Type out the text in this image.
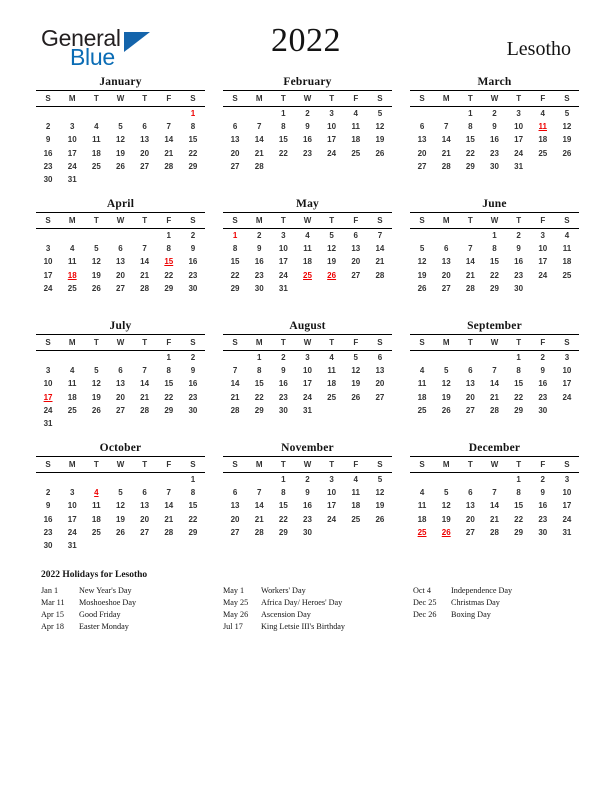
General
Blue	2022	Lesotho
January
S	M	T	W	T	F	S
						1
2	3	4	5	6	7	8
9	10	11	12	13	14	15
16	17	18	19	20	21	22
23	24	25	26	27	28	29
30	31					
February
S	M	T	W	T	F	S
		1	2	3	4	5
6	7	8	9	10	11	12
13	14	15	16	17	18	19
20	21	22	23	24	25	26
27	28					
March
S	M	T	W	T	F	S
		1	2	3	4	5
6	7	8	9	10	11	12
13	14	15	16	17	18	19
20	21	22	23	24	25	26
27	28	29	30	31		
April
S	M	T	W	T	F	S
					1	2
3	4	5	6	7	8	9
10	11	12	13	14	15	16
17	18	19	20	21	22	23
24	25	26	27	28	29	30
May
S	M	T	W	T	F	S
1	2	3	4	5	6	7
8	9	10	11	12	13	14
15	16	17	18	19	20	21
22	23	24	25	26	27	28
29	30	31				
June
S	M	T	W	T	F	S
			1	2	3	4
5	6	7	8	9	10	11
12	13	14	15	16	17	18
19	20	21	22	23	24	25
26	27	28	29	30		
July
S	M	T	W	T	F	S
					1	2
3	4	5	6	7	8	9
10	11	12	13	14	15	16
17	18	19	20	21	22	23
24	25	26	27	28	29	30
31						
August
S	M	T	W	T	F	S
	1	2	3	4	5	6
7	8	9	10	11	12	13
14	15	16	17	18	19	20
21	22	23	24	25	26	27
28	29	30	31			
September
S	M	T	W	T	F	S
				1	2	3
4	5	6	7	8	9	10
11	12	13	14	15	16	17
18	19	20	21	22	23	24
25	26	27	28	29	30	
October
S	M	T	W	T	F	S
						1
2	3	4	5	6	7	8
9	10	11	12	13	14	15
16	17	18	19	20	21	22
23	24	25	26	27	28	29
30	31					
November
S	M	T	W	T	F	S
		1	2	3	4	5
6	7	8	9	10	11	12
13	14	15	16	17	18	19
20	21	22	23	24	25	26
27	28	29	30			
December
S	M	T	W	T	F	S
				1	2	3
4	5	6	7	8	9	10
11	12	13	14	15	16	17
18	19	20	21	22	23	24
25	26	27	28	29	30	31
2022 Holidays for Lesotho
Jan 1	New Year's Day
Mar 11	Moshoeshoe Day
Apr 15	Good Friday
Apr 18	Easter Monday
May 1	Workers' Day
May 25	Africa Day/ Heroes' Day
May 26	Ascension Day
Jul 17	King Letsie III's Birthday
Oct 4	Independence Day
Dec 25	Christmas Day
Dec 26	Boxing Day
